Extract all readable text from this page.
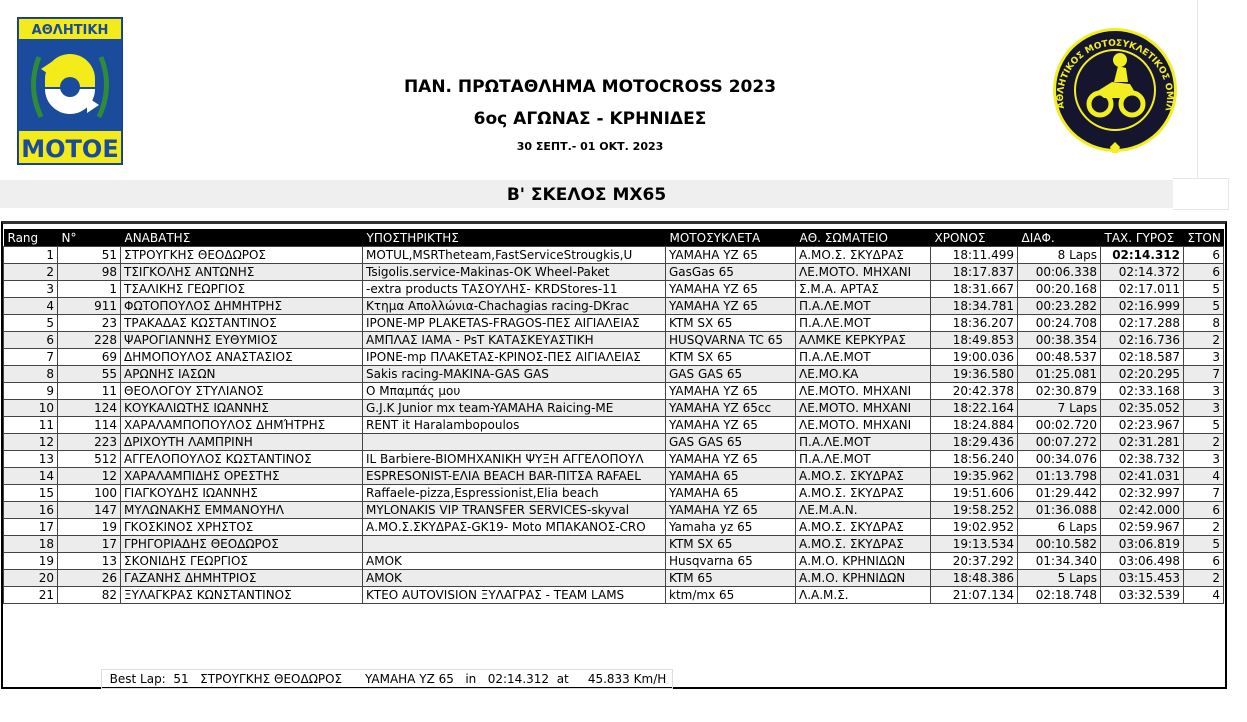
ΑΘΛΗΤΙΚΗ
ΜΟΤΟΕ
ΠΑΝ. ΠΡΩΤΑΘΛΗΜΑ MOTOCROSS 2023
6ος ΑΓΩΝΑΣ - ΚΡΗΝΙΔΕΣ
30 ΣΕΠΤ.- 01 ΟΚΤ. 2023
ΑΘΛΗΤΙΚΟΣ ΜΟΤΟΣΥΚΛΕΤΙΚΟΣ ΟΜΙΛ
B' ΣΚΕΛΟΣ MX65
Rang	N°	ΑΝΑΒΑΤΗΣ	ΥΠΟΣΤΗΡΙΚΤΗΣ	ΜΟΤΟΣΥΚΛΕΤΑ	ΑΘ. ΣΩΜΑΤΕΙΟ	ΧΡΟΝΟΣ	ΔΙΑΦ.	ΤΑΧ. ΓΥΡΟΣ	ΣΤΟΝ
1	51	ΣΤΡΟΥΓΚΗΣ ΘΕΟΔΩΡΟΣ	MOTUL,MSRTheteam,FastServiceStrougkis,U	YAMAHA YZ 65	Α.ΜΟ.Σ. ΣΚΥΔΡΑΣ	18:11.499	8 Laps	02:14.312	6
2	98	ΤΣΙΓΚΟΛΗΣ ΑΝΤΩΝΗΣ	Tsigolis.service-Makinas-OK Wheel-Paket	GasGas 65	ΛΕ.ΜΟΤΟ. ΜΗΧΑΝΙ	18:17.837	00:06.338	02:14.372	6
3	1	ΤΣΑΛΙΚΗΣ ΓΕΩΡΓΙΟΣ	-extra products ΤΑΣΟΥΛΗΣ- KRDStores-11	YAMAHA YZ 65	Σ.Μ.Α. ΑΡΤΑΣ	18:31.667	00:20.168	02:17.011	5
4	911	ΦΩΤΟΠΟΥΛΟΣ ΔΗΜΗΤΡΗΣ	Κτημα Απολλώνια-Chachagias racing-DKrac	YAMAHA YZ 65	Π.Α.ΛΕ.ΜΟΤ	18:34.781	00:23.282	02:16.999	5
5	23	ΤΡΑΚΑΔΑΣ ΚΩΣΤΑΝΤΙΝΟΣ	IPONE-MP PLAKETAS-FRAGOS-ΠΕΣ ΑΙΓΙΑΛΕΙΑΣ	KTM SX 65	Π.Α.ΛΕ.ΜΟΤ	18:36.207	00:24.708	02:17.288	8
6	228	ΨΑΡΟΓΙΑΝΝΗΣ ΕΥΘΥΜΙΟΣ	ΑΜΠΛΑΣ ΙΑΜΑ - PsT ΚΑΤΑΣΚΕΥΑΣΤΙΚΗ	HUSQVARNA TC 65	ΑΛΜΚΕ ΚΕΡΚΥΡΑΣ	18:49.853	00:38.354	02:16.736	2
7	69	ΔΗΜΟΠΟΥΛΟΣ ΑΝΑΣΤΑΣΙΟΣ	IPONE-mp ΠΛΑΚΕΤΑΣ-ΚΡΙΝΟΣ-ΠΕΣ ΑΙΓΙΑΛΕΙΑΣ	KTM SX 65	Π.Α.ΛΕ.ΜΟΤ	19:00.036	00:48.537	02:18.587	3
8	55	ΑΡΩΝΗΣ ΙΑΣΩΝ	Sakis racing-MAKINA-GAS GAS	GAS GAS 65	ΛΕ.ΜΟ.ΚΑ	19:36.580	01:25.081	02:20.295	7
9	11	ΘΕΟΛΟΓΟΥ ΣΤΥΛΙΑΝΟΣ	Ο Μπαμπάς μου	YAMAHA YZ 65	ΛΕ.ΜΟΤΟ. ΜΗΧΑΝΙ	20:42.378	02:30.879	02:33.168	3
10	124	ΚΟΥΚΑΛΙΩΤΗΣ ΙΩΑΝΝΗΣ	G.J.K Junior mx team-YAMAHA Raicing-ME	YAMAHA YZ 65cc	ΛΕ.ΜΟΤΟ. ΜΗΧΑΝΙ	18:22.164	7 Laps	02:35.052	3
11	114	ΧΑΡΑΛΑΜΠΟΠΟΥΛΟΣ ΔΗΜΉΤΡΗΣ	RENT it Haralambopoulos	YAMAHA YZ 65	ΛΕ.ΜΟΤΟ. ΜΗΧΑΝΙ	18:24.884	00:02.720	02:23.967	5
12	223	ΔΡΙΧΟΥΤΗ ΛΑΜΠΡΙΝΗ		GAS GAS 65	Π.Α.ΛΕ.ΜΟΤ	18:29.436	00:07.272	02:31.281	2
13	512	ΑΓΓΕΛΟΠΟΥΛΟΣ ΚΩΣΤΑΝΤΙΝΟΣ	IL Barbiere-ΒΙΟΜΗΧΑΝΙΚΗ ΨΥΞΗ ΑΓΓΕΛΟΠΟΥΛ	YAMAHA YZ 65	Π.Α.ΛΕ.ΜΟΤ	18:56.240	00:34.076	02:38.732	3
14	12	ΧΑΡΑΛΑΜΠΙΔΗΣ ΟΡΕΣΤΗΣ	ESPRESONIST-ΕΛΙΑ BEACH BAR-ΠΙΤΣΑ RAFAEL	YAMAHA 65	Α.ΜΟ.Σ. ΣΚΥΔΡΑΣ	19:35.962	01:13.798	02:41.031	4
15	100	ΓΙΑΓΚΟΥΔΗΣ ΙΩΑΝΝΗΣ	Raffaele-pizza,Espressionist,Elia beach	YAMAHA 65	Α.ΜΟ.Σ. ΣΚΥΔΡΑΣ	19:51.606	01:29.442	02:32.997	7
16	147	ΜΥΛΩΝΑΚΗΣ ΕΜΜΑΝΟΥΗΛ	MYLONAKIS VIP TRANSFER SERVICES-skyval	YAMAHA YZ 65	ΛΕ.Μ.Α.Ν.	19:58.252	01:36.088	02:42.000	6
17	19	ΓΚΟΣΚΙΝΟΣ ΧΡΗΣΤΟΣ	Α.ΜΟ.Σ.ΣΚΥΔΡΑΣ-GK19- Moto ΜΠΑΚΑΝΟΣ-CRO	Yamaha yz 65	Α.ΜΟ.Σ. ΣΚΥΔΡΑΣ	19:02.952	6 Laps	02:59.967	2
18	17	ΓΡΗΓΟΡΙΑΔΗΣ ΘΕΟΔΩΡΟΣ		KTM SX 65	Α.ΜΟ.Σ. ΣΚΥΔΡΑΣ	19:13.534	00:10.582	03:06.819	5
19	13	ΣΚΟΝΙΔΗΣ ΓΕΩΡΓΙΟΣ	AMOK	Husqvarna 65	Α.Μ.Ο. ΚΡΗΝΙΔΩΝ	20:37.292	01:34.340	03:06.498	6
20	26	ΓΑΖΑΝΗΣ ΔΗΜΗΤΡΙΟΣ	AMOK	KTM 65	Α.Μ.Ο. ΚΡΗΝΙΔΩΝ	18:48.386	5 Laps	03:15.453	2
21	82	ΞΥΛΑΓΚΡΑΣ ΚΩΝΣΤΑΝΤΙΝΟΣ	ΚΤΕΟ AUTOVISION ΞΥΛΑΓΡΑΣ - TEAM LAMS	ktm/mx 65	Λ.Α.Μ.Σ.	21:07.134	02:18.748	03:32.539	4
Best Lap: 51 ΣΤΡΟΥΓΚΗΣ ΘΕΟΔΩΡΟΣ YAMAHA YZ 65 in 02:14.312 at 45.833 Km/H
